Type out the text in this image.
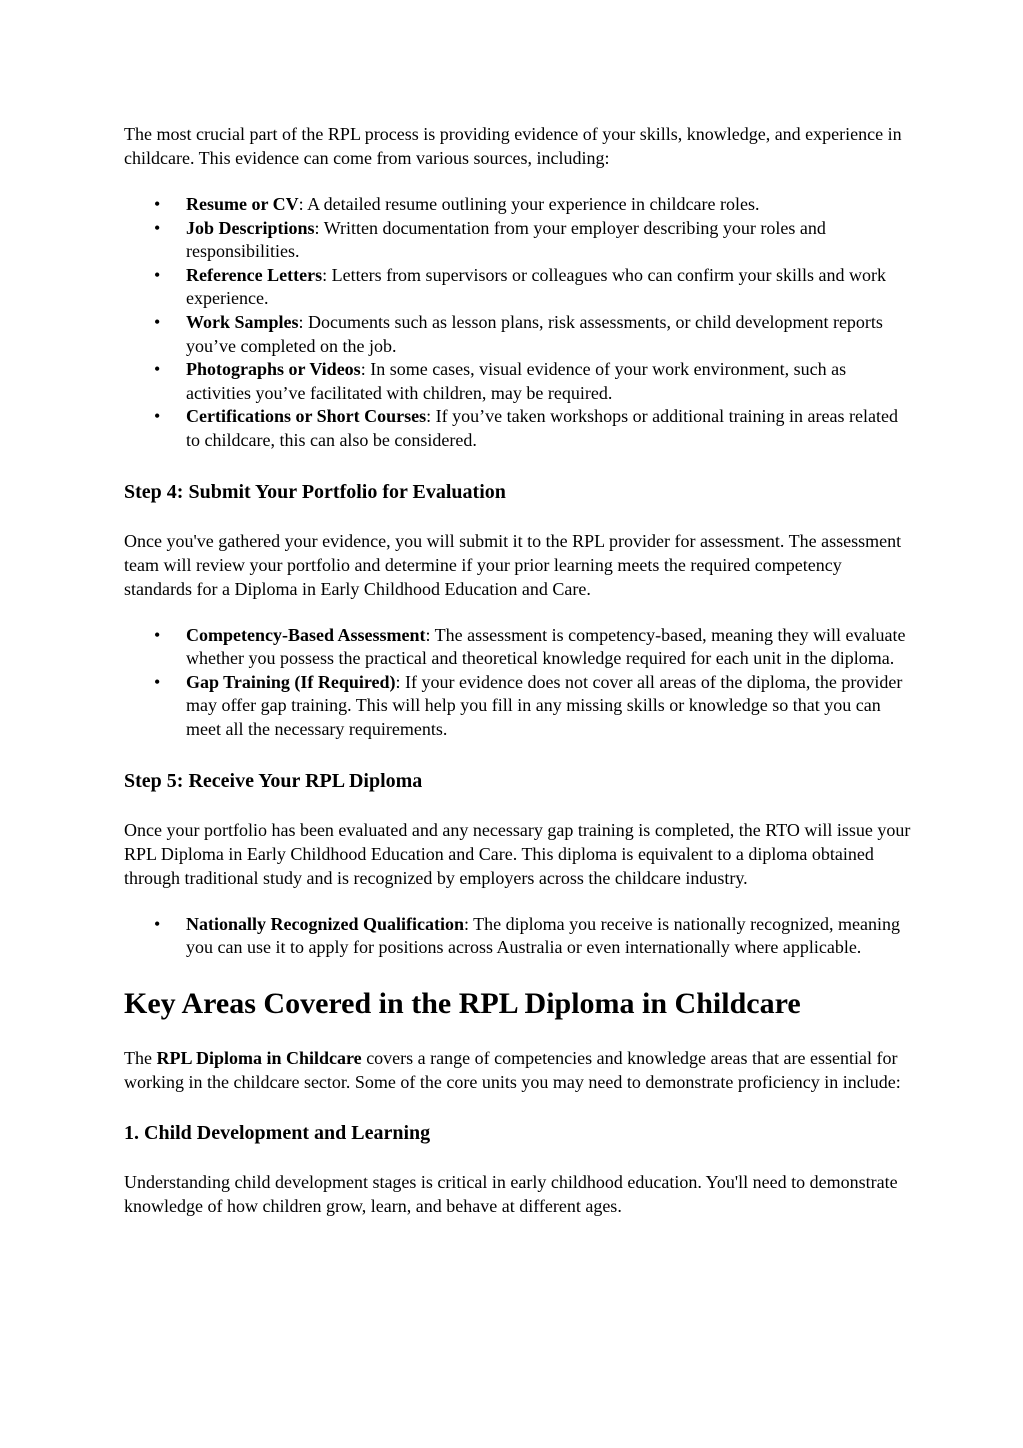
The most crucial part of the RPL process is providing evidence of your skills, knowledge, and experience in childcare. This evidence can come from various sources, including:

• Resume or CV: A detailed resume outlining your experience in childcare roles.
• Job Descriptions: Written documentation from your employer describing your roles and responsibilities.
• Reference Letters: Letters from supervisors or colleagues who can confirm your skills and work experience.
• Work Samples: Documents such as lesson plans, risk assessments, or child development reports you’ve completed on the job.
• Photographs or Videos: In some cases, visual evidence of your work environment, such as activities you’ve facilitated with children, may be required.
• Certifications or Short Courses: If you’ve taken workshops or additional training in areas related to childcare, this can also be considered.
Step 4: Submit Your Portfolio for Evaluation

Once you've gathered your evidence, you will submit it to the RPL provider for assessment. The assessment team will review your portfolio and determine if your prior learning meets the required competency standards for a Diploma in Early Childhood Education and Care.

• Competency-Based Assessment: The assessment is competency-based, meaning they will evaluate whether you possess the practical and theoretical knowledge required for each unit in the diploma.
• Gap Training (If Required): If your evidence does not cover all areas of the diploma, the provider may offer gap training. This will help you fill in any missing skills or knowledge so that you can meet all the necessary requirements.
Step 5: Receive Your RPL Diploma

Once your portfolio has been evaluated and any necessary gap training is completed, the RTO will issue your RPL Diploma in Early Childhood Education and Care. This diploma is equivalent to a diploma obtained through traditional study and is recognized by employers across the childcare industry.

• Nationally Recognized Qualification: The diploma you receive is nationally recognized, meaning you can use it to apply for positions across Australia or even internationally where applicable.
Key Areas Covered in the RPL Diploma in Childcare

The RPL Diploma in Childcare covers a range of competencies and knowledge areas that are essential for working in the childcare sector. Some of the core units you may need to demonstrate proficiency in include:

1. Child Development and Learning

Understanding child development stages is critical in early childhood education. You'll need to demonstrate knowledge of how children grow, learn, and behave at different ages.
